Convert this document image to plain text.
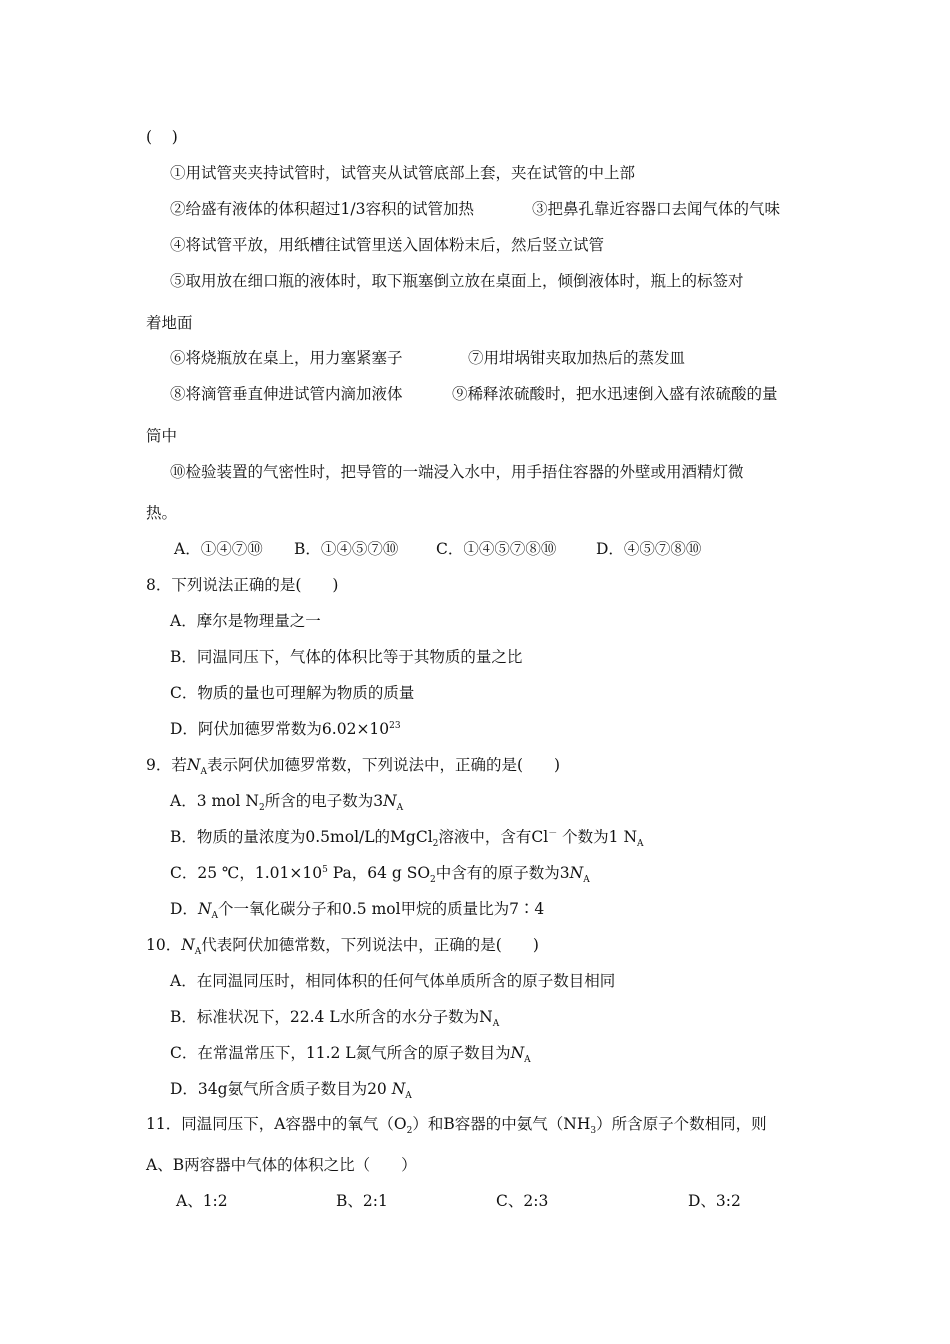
(    )
①用试管夹夹持试管时，试管夹从试管底部上套，夹在试管的中上部
②给盛有液体的体积超过1/3容积的试管加热	③把鼻孔靠近容器口去闻气体的气味
④将试管平放，用纸槽往试管里送入固体粉末后，然后竖立试管
⑤取用放在细口瓶的液体时，取下瓶塞倒立放在桌面上，倾倒液体时，瓶上的标签对
着地面
⑥将烧瓶放在桌上，用力塞紧塞子	⑦用坩埚钳夹取加热后的蒸发皿
⑧将滴管垂直伸进试管内滴加液体	⑨稀释浓硫酸时，把水迅速倒入盛有浓硫酸的量
筒中
⑩检验装置的气密性时，把导管的一端浸入水中，用手捂住容器的外壁或用酒精灯微
热。
A．①④⑦⑩ B．①④⑤⑦⑩ C．①④⑤⑦⑧⑩	D．④⑤⑦⑧⑩
8．下列说法正确的是(　　)
A．摩尔是物理量之一
B．同温同压下，气体的体积比等于其物质的量之比
C．物质的量也可理解为物质的质量
D．阿伏加德罗常数为$6.02\times 10^{23}$
9．若$N_A$表示阿伏加德罗常数，下列说法中，正确的是(　　)
A．3 mol $N_2$所含的电子数为$3N_A$
B．物质的量浓度为0.5mol/L的MgCl$_2$溶液中，含有Cl－ 个数为1 $N_A$
C．25 ℃，$1.01\times 10^5$ Pa，64 g $SO_2$中含有的原子数为$3N_A$
D．$N_A$个一氧化碳分子和0.5 mol甲烷的质量比为7∶4
10．$N_A$代表阿伏加德常数，下列说法中，正确的是(　　)
A．在同温同压时，相同体积的任何气体单质所含的原子数目相同
B．标准状况下，22.4 L水所含的水分子数为$N_A$
C．在常温常压下，11.2 L氮气所含的原子数目为$N_A$
D．34g氨气所含质子数目为20 $N_A$
11．同温同压下，A容器中的氧气$(O_2)$和B容器的中氨气$(NH_3)$所含原子个数相同，则
A、B两容器中气体的体积之比（　　）
A、1:2	B、2:1	C、2:3	D、3:2
